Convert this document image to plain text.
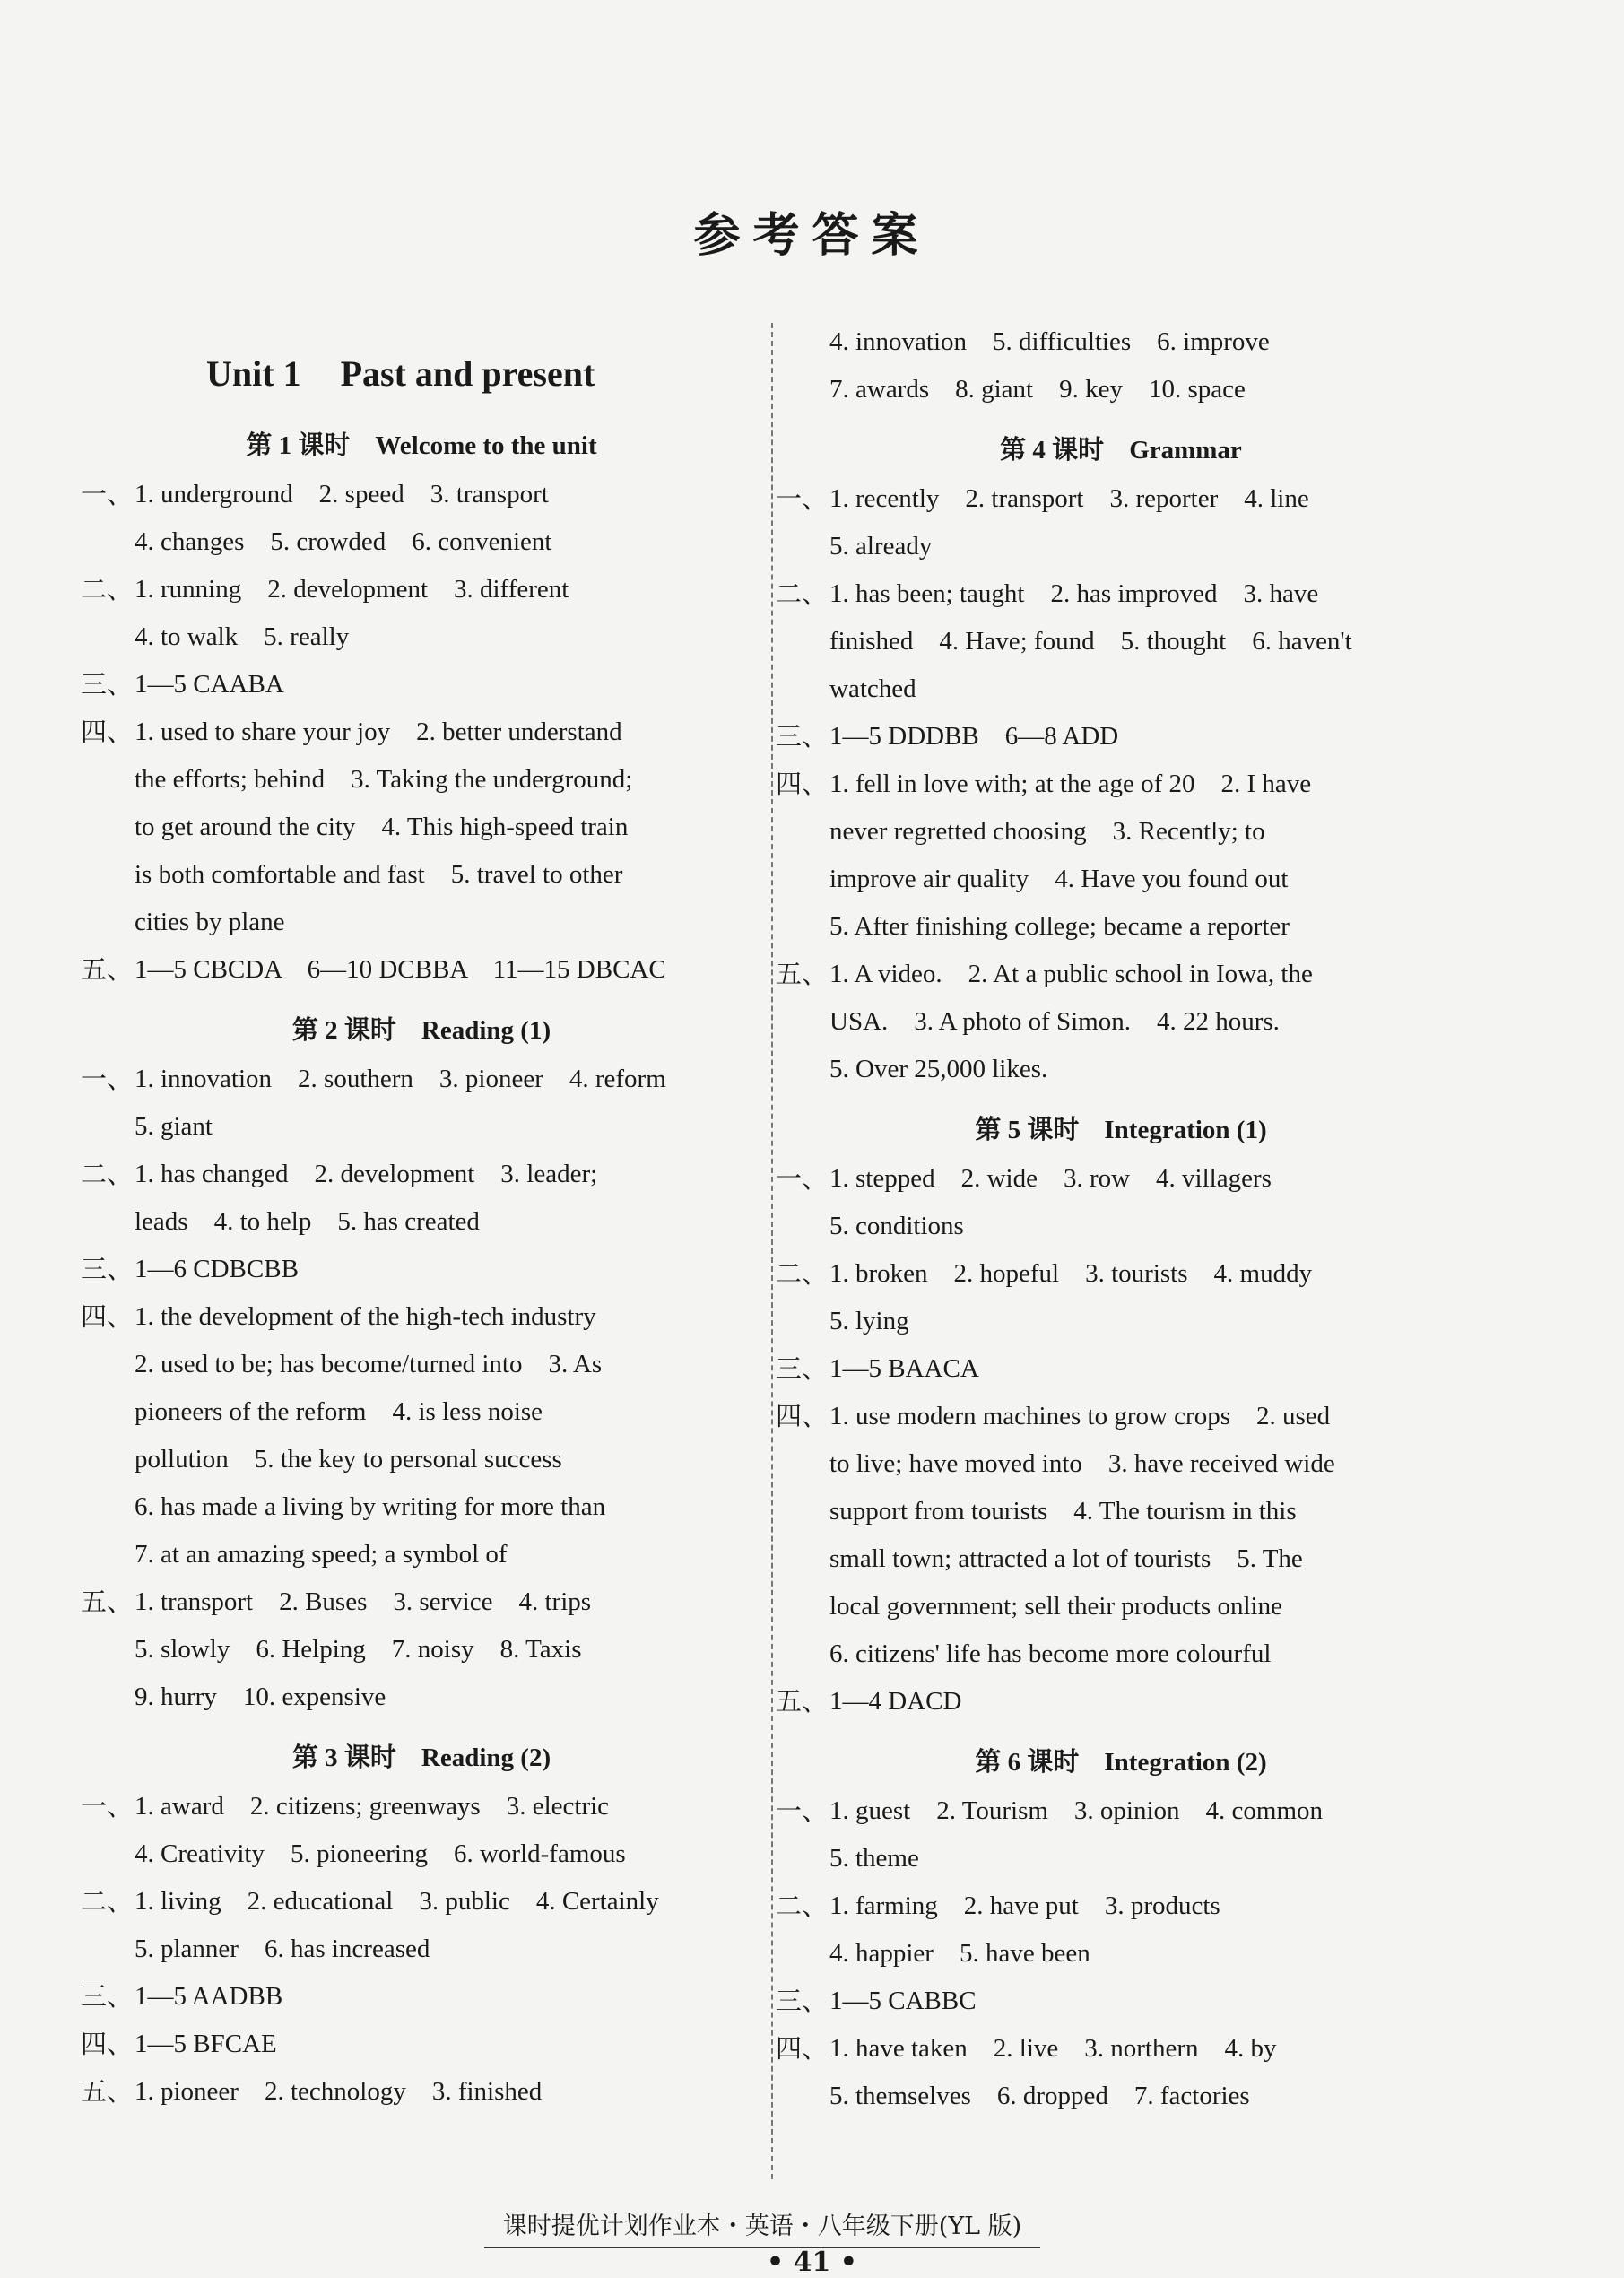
参考答案
Unit 1 Past and present
第 1 课时 Welcome to the unit
一、 1. underground　2. speed　3. transport
4. changes　5. crowded　6. convenient
二、 1. running　2. development　3. different
4. to walk　5. really
三、 1—5 CAABA
四、 1. used to share your joy　2. better understand
the efforts; behind　3. Taking the underground;
to get around the city　4. This high-speed train
is both comfortable and fast　5. travel to other
cities by plane
五、 1—5 CBCDA　6—10 DCBBA　11—15 DBCAC
第 2 课时 Reading (1)
一、 1. innovation　2. southern　3. pioneer　4. reform
5. giant
二、 1. has changed　2. development　3. leader;
leads　4. to help　5. has created
三、 1—6 CDBCBB
四、 1. the development of the high-tech industry
2. used to be; has become/turned into　3. As
pioneers of the reform　4. is less noise
pollution　5. the key to personal success
6. has made a living by writing for more than
7. at an amazing speed; a symbol of
五、 1. transport　2. Buses　3. service　4. trips
5. slowly　6. Helping　7. noisy　8. Taxis
9. hurry　10. expensive
第 3 课时 Reading (2)
一、 1. award　2. citizens; greenways　3. electric
4. Creativity　5. pioneering　6. world-famous
二、 1. living　2. educational　3. public　4. Certainly
5. planner　6. has increased
三、 1—5 AADBB
四、 1—5 BFCAE
五、 1. pioneer　2. technology　3. finished
4. innovation　5. difficulties　6. improve
7. awards　8. giant　9. key　10. space
第 4 课时 Grammar
一、 1. recently　2. transport　3. reporter　4. line
5. already
二、 1. has been; taught　2. has improved　3. have
finished　4. Have; found　5. thought　6. haven't
watched
三、 1—5 DDDBB　6—8 ADD
四、 1. fell in love with; at the age of 20　2. I have
never regretted choosing　3. Recently; to
improve air quality　4. Have you found out
5. After finishing college; became a reporter
五、 1. A video.　2. At a public school in Iowa, the
USA.　3. A photo of Simon.　4. 22 hours.
5. Over 25,000 likes.
第 5 课时 Integration (1)
一、 1. stepped　2. wide　3. row　4. villagers
5. conditions
二、 1. broken　2. hopeful　3. tourists　4. muddy
5. lying
三、 1—5 BAACA
四、 1. use modern machines to grow crops　2. used
to live; have moved into　3. have received wide
support from tourists　4. The tourism in this
small town; attracted a lot of tourists　5. The
local government; sell their products online
6. citizens' life has become more colourful
五、 1—4 DACD
第 6 课时 Integration (2)
一、 1. guest　2. Tourism　3. opinion　4. common
5. theme
二、 1. farming　2. have put　3. products
4. happier　5. have been
三、 1—5 CABBC
四、 1. have taken　2. live　3. northern　4. by
5. themselves　6. dropped　7. factories
课时提优计划作业本・英语・八年级下册(YL 版)
• 41 •
